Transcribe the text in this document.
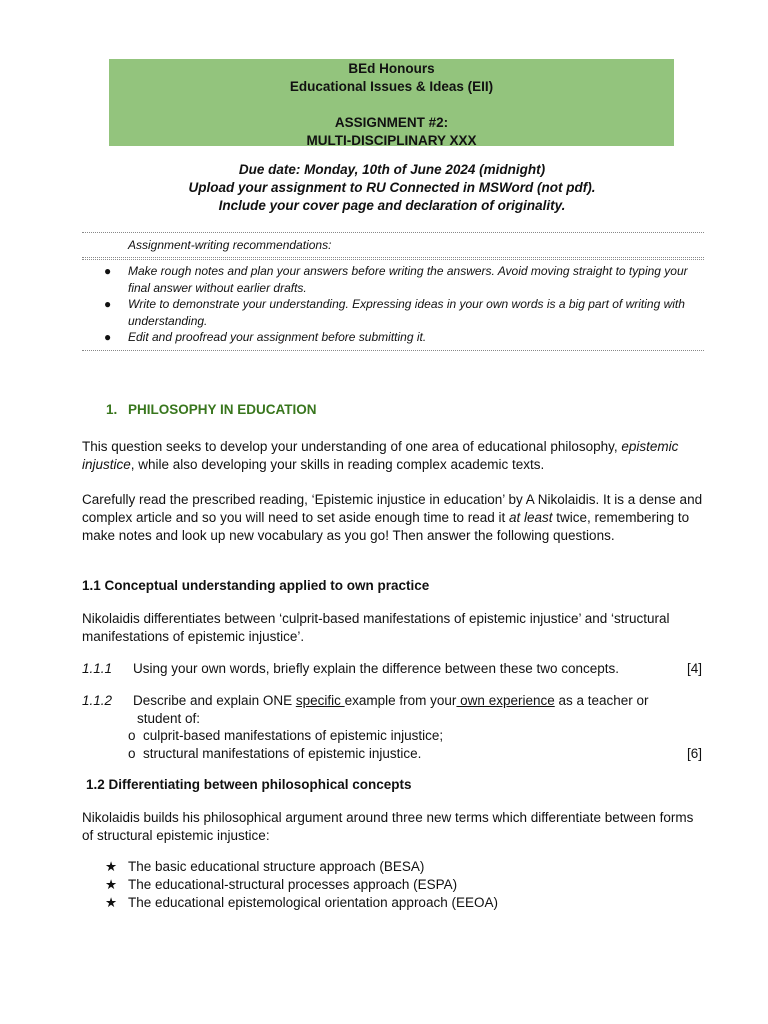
BEd Honours
Educational Issues & Ideas (EII)
ASSIGNMENT #2:
MULTI-DISCIPLINARY XXX
Due date: Monday, 10th of June 2024 (midnight)
Upload your assignment to RU Connected in MSWord (not pdf).
Include your cover page and declaration of originality.
Assignment-writing recommendations:
● Make rough notes and plan your answers before writing the answers. Avoid moving straight to typing your final answer without earlier drafts.
● Write to demonstrate your understanding. Expressing ideas in your own words is a big part of writing with understanding.
● Edit and proofread your assignment before submitting it.
1. PHILOSOPHY IN EDUCATION
This question seeks to develop your understanding of one area of educational philosophy, epistemic injustice, while also developing your skills in reading complex academic texts.
Carefully read the prescribed reading, ‘Epistemic injustice in education’ by A Nikolaidis. It is a dense and complex article and so you will need to set aside enough time to read it at least twice, remembering to make notes and look up new vocabulary as you go! Then answer the following questions.
1.1 Conceptual understanding applied to own practice
Nikolaidis differentiates between ‘culprit-based manifestations of epistemic injustice’ and ‘structural manifestations of epistemic injustice’.
1.1.1 Using your own words, briefly explain the difference between these two concepts.	[4]
1.1.2 Describe and explain ONE specific example from your own experience as a teacher or
student of:
o culprit-based manifestations of epistemic injustice;
o structural manifestations of epistemic injustice.	[6]
1.2 Differentiating between philosophical concepts
Nikolaidis builds his philosophical argument around three new terms which differentiate between forms of structural epistemic injustice:
★ The basic educational structure approach (BESA)
★ The educational-structural processes approach (ESPA)
★ The educational epistemological orientation approach (EEOA)
